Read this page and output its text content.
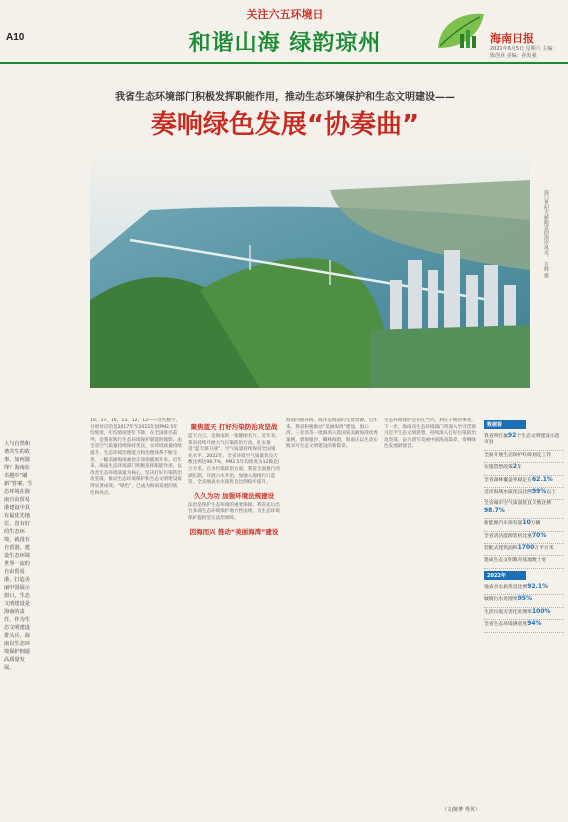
A10
关注六五环境日
和谐山海 绿韵琼州	海南日报
2021年6月5日 星期六 主编：陈创业 美编：孙发强
我省生态环境部门积极发挥职能作用，推动生态环境保护和生态文明建设——
奏响绿色发展“协奏曲”
海口世纪大桥附近的海岸风光。 方辉 摄
人与自然和谐共生的故事，如何演绎？海南在卓越中“刷新”答案。生态环境在海南自由贸易港建设中具有最优先地位。没有好的生态环境，就没有自贸港。建设生态环境世界一流的自由贸易港，打造美丽中国展示窗口，生态文明建设是海南的责任，作为生态文明建设排头兵，海南以生态环境保护倒逼高质量发展。

10、17、16、13、12、12——这些数字，分别对应的是2017年至2022年因PM2.5年均浓度，年均浓度逐年下降，在全国排名前列，是我省践行生态环境保护职能的缩影。由全省空气质量持续保持优良，水环境质量持续提升，生态环境治理能力和治理体系不断完善，一幅美丽海南画卷正徐徐铺展开来。近年来，海南生态环境部门积极发挥职能作用，以改善生态环境质量为核心，坚决打好污染防治攻坚战，推动生态环境保护和生态文明建设取得显著成效。“绿色”，已成为海南发展的底色和亮点。

聚焦蓝天 打好污染防治攻坚战

蓝天白云，是海南的一张靓丽名片。近年来，我省持续开展大气污染防治行动，扎实推进“蓝天保卫战”，空气质量持续保持全国领先水平。2022年，全省环境空气质量优良天数比例达98.7%，PM2.5年均浓度为12微克/立方米。在水污染防治方面，我省全面推行河湖长制，开展六水共治，加强入海排污口监管，全省地表水水质优良比例稳步提升。

久久为功 加强环境法规建设

法治是保护生态环境的重要保障。我省先后出台多部生态环境保护地方性法规，为生态环境保护提供坚实法治保障。

因海而兴 推动“美丽海湾”建设

海南四面环海，海洋是海南的宝贵资源。近年来，我省积极推动“美丽海湾”建设，海口湾、三亚湾等一批海湾入选国家美丽海湾优秀案例。碧海银沙、椰林海韵，海南正以生动实践书写生态文明建设的新篇章。

生态环境保护是功在当代、利在千秋的事业。下一步，海南省生态环境部门将深入学习贯彻习近平生态文明思想，持续深入打好污染防治攻坚战，奋力谱写美丽中国海南篇章，奏响绿色发展最强音。

数据看
我省所打赢92个生态文明建设示范市县
全面开展生态保护红线划定工作
实施禁塑政策2年
全省森林覆盖率稳定在62.1%
近岸海域水质优良比例99%以上
全省城市空气质量优良天数比例98.7%
新能源汽车保有量10万辆
全省清洁能源装机比重70%
装配式建筑面积1700万平方米
建成生态文明教育基地数十处
2022年
地表水水质优良比例92.1%
城镇污水处理率95%
生活垃圾无害化处理率100%
全省生态环境满意度94%
（文/陈梦 秀英）
